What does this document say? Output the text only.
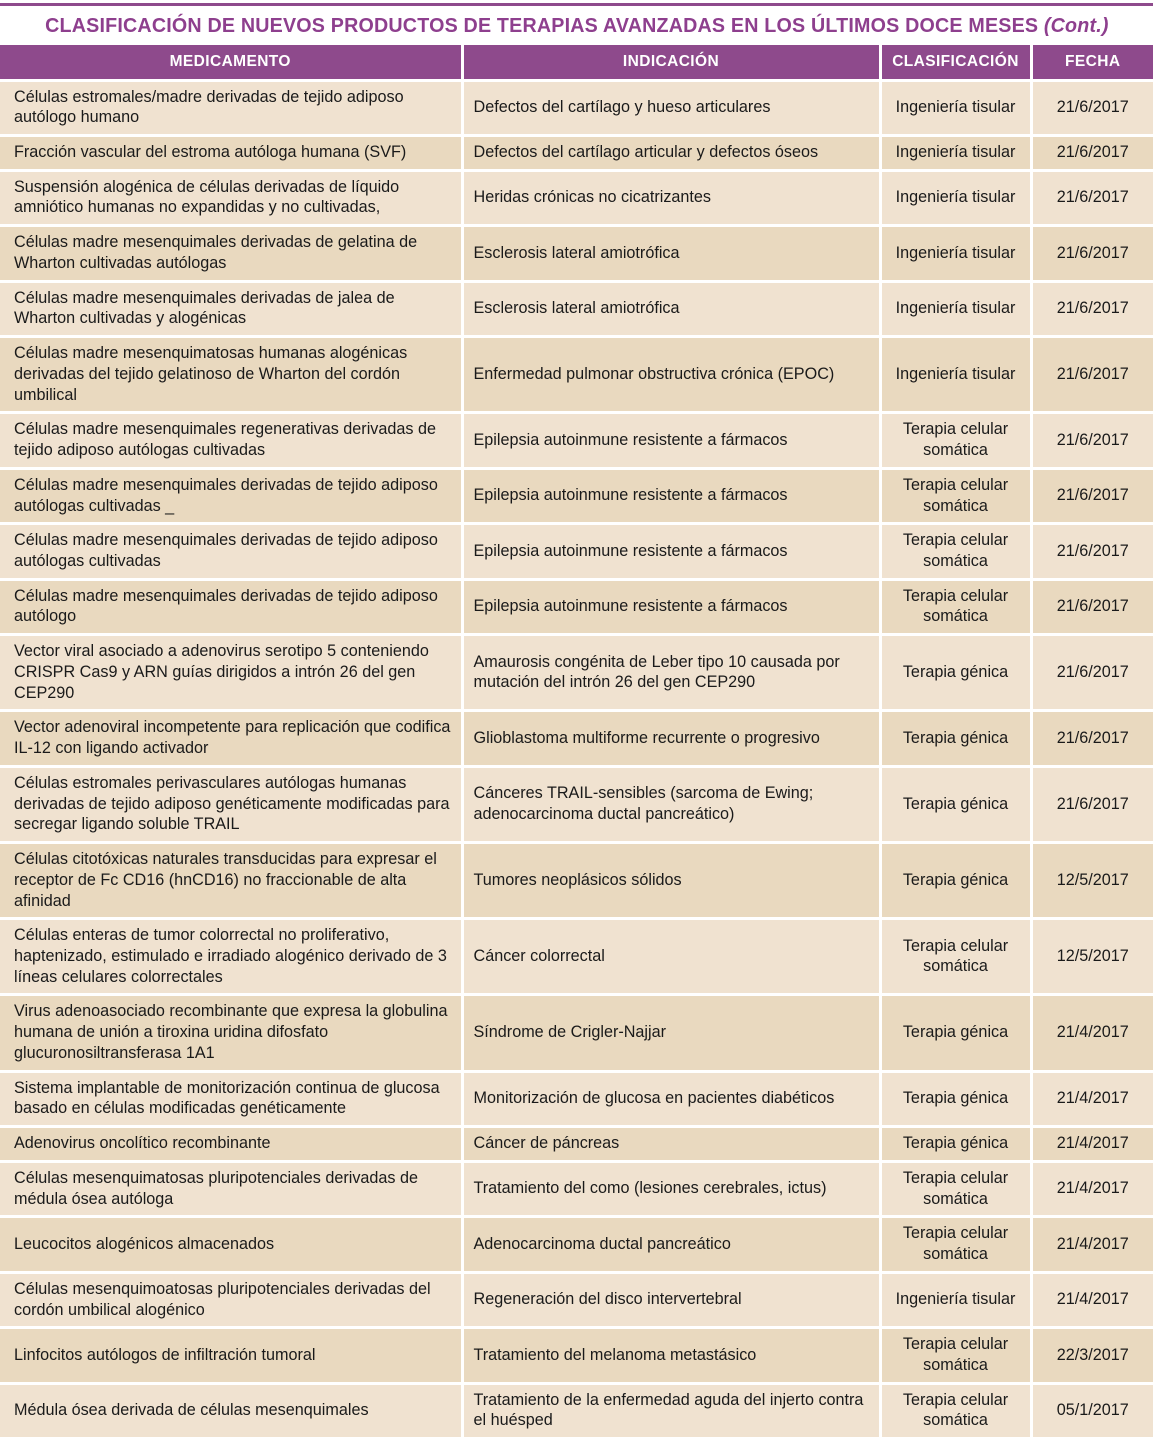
CLASIFICACIÓN DE NUEVOS PRODUCTOS DE TERAPIAS AVANZADAS EN LOS ÚLTIMOS DOCE MESES (Cont.)
MEDICAMENTO	INDICACIÓN	CLASIFICACIÓN	FECHA
Células estromales/madre derivadas de tejido adiposo autólogo humano	Defectos del cartílago y hueso articulares	Ingeniería tisular	21/6/2017
Fracción vascular del estroma autóloga humana (SVF)	Defectos del cartílago articular y defectos óseos	Ingeniería tisular	21/6/2017
Suspensión alogénica de células derivadas de líquido amniótico humanas no expandidas y no cultivadas,	Heridas crónicas no cicatrizantes	Ingeniería tisular	21/6/2017
Células madre mesenquimales derivadas de gelatina de Wharton cultivadas autólogas	Esclerosis lateral amiotrófica	Ingeniería tisular	21/6/2017
Células madre mesenquimales derivadas de jalea de Wharton cultivadas y alogénicas	Esclerosis lateral amiotrófica	Ingeniería tisular	21/6/2017
Células madre mesenquimatosas humanas alogénicas derivadas del tejido gelatinoso de Wharton del cordón umbilical	Enfermedad pulmonar obstructiva crónica (EPOC)	Ingeniería tisular	21/6/2017
Células madre mesenquimales regenerativas derivadas de tejido adiposo autólogas cultivadas	Epilepsia autoinmune resistente a fármacos	Terapia celular somática	21/6/2017
Células madre mesenquimales derivadas de tejido adiposo autólogas cultivadas _	Epilepsia autoinmune resistente a fármacos	Terapia celular somática	21/6/2017
Células madre mesenquimales derivadas de tejido adiposo autólogas cultivadas	Epilepsia autoinmune resistente a fármacos	Terapia celular somática	21/6/2017
Células madre mesenquimales derivadas de tejido adiposo autólogo	Epilepsia autoinmune resistente a fármacos	Terapia celular somática	21/6/2017
Vector viral asociado a adenovirus serotipo 5 conteniendo CRISPR Cas9 y ARN guías dirigidos a intrón 26 del gen CEP290	Amaurosis congénita de Leber tipo 10 causada por mutación del intrón 26 del gen CEP290	Terapia génica	21/6/2017
Vector adenoviral incompetente para replicación que codifica IL-12 con ligando activador	Glioblastoma multiforme recurrente o progresivo	Terapia génica	21/6/2017
Células estromales perivasculares autólogas humanas derivadas de tejido adiposo genéticamente modificadas para secregar ligando soluble TRAIL	Cánceres TRAIL-sensibles (sarcoma de Ewing; adenocarcinoma ductal pancreático)	Terapia génica	21/6/2017
Células citotóxicas naturales transducidas para expresar el receptor de Fc CD16 (hnCD16) no fraccionable de alta afinidad	Tumores neoplásicos sólidos	Terapia génica	12/5/2017
Células enteras de tumor colorrectal no proliferativo, haptenizado, estimulado e irradiado alogénico derivado de 3 líneas celulares colorrectales	Cáncer colorrectal	Terapia celular somática	12/5/2017
Virus adenoasociado recombinante que expresa la globulina humana de unión a tiroxina uridina difosfato glucuronosiltransferasa 1A1	Síndrome de Crigler-Najjar	Terapia génica	21/4/2017
Sistema implantable de monitorización continua de glucosa basado en células modificadas genéticamente	Monitorización de glucosa en pacientes diabéticos	Terapia génica	21/4/2017
Adenovirus oncolítico recombinante	Cáncer de páncreas	Terapia génica	21/4/2017
Células mesenquimatosas pluripotenciales derivadas de médula ósea autóloga	Tratamiento del como (lesiones cerebrales, ictus)	Terapia celular somática	21/4/2017
Leucocitos alogénicos almacenados	Adenocarcinoma ductal pancreático	Terapia celular somática	21/4/2017
Células mesenquimoatosas pluripotenciales derivadas del cordón umbilical alogénico	Regeneración del disco intervertebral	Ingeniería tisular	21/4/2017
Linfocitos autólogos de infiltración tumoral	Tratamiento del melanoma metastásico	Terapia celular somática	22/3/2017
Médula ósea derivada de células mesenquimales	Tratamiento de la enfermedad aguda del injerto contra el huésped	Terapia celular somática	05/1/2017
